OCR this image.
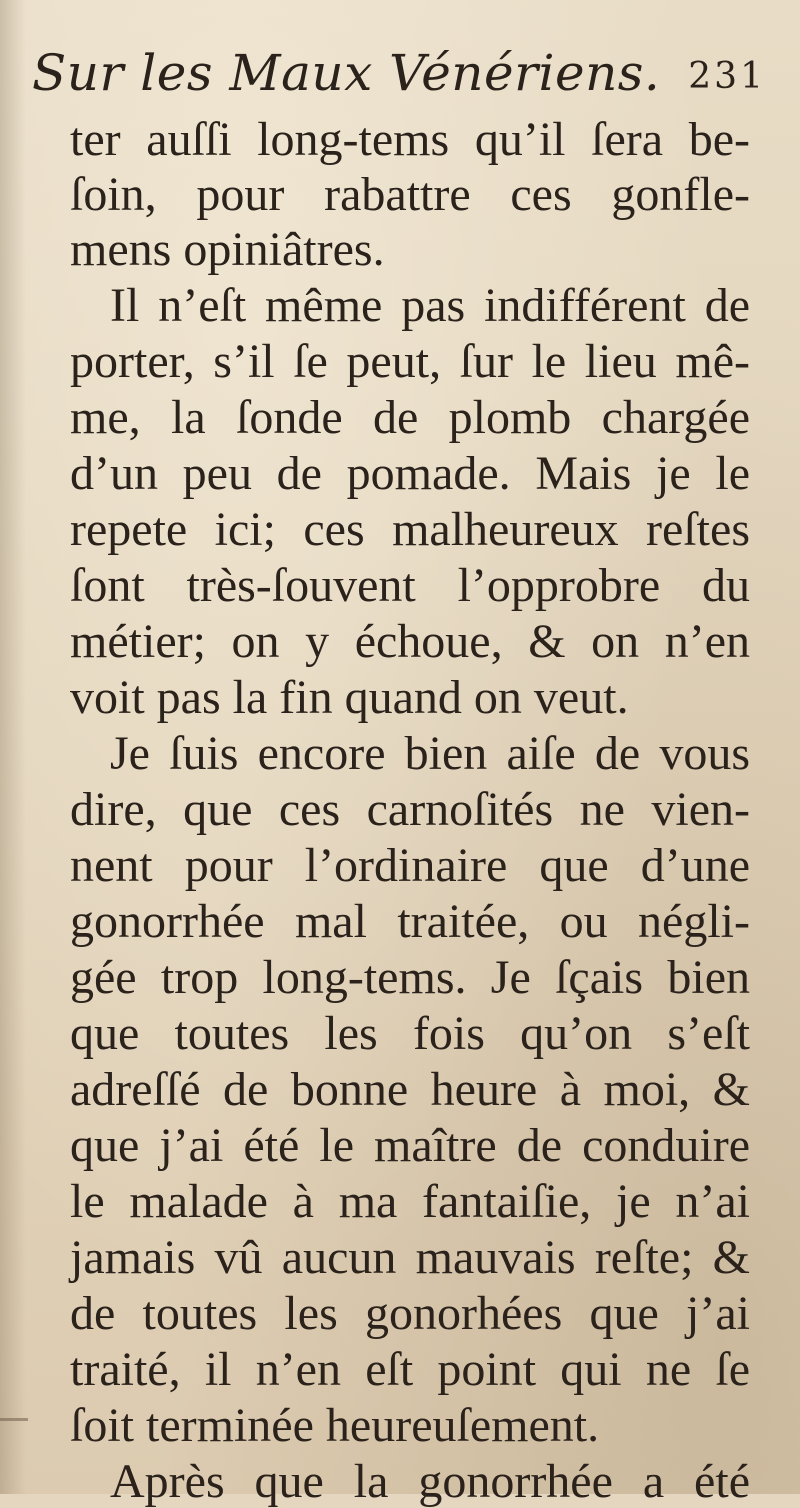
Sur les Maux Vénériens. 231
ter auſſi long-tems qu’il ſera be-
ſoin, pour rabattre ces gonfle-
mens opiniâtres.
Il n’eſt même pas indifférent de
porter, s’il ſe peut, ſur le lieu mê-
me, la ſonde de plomb chargée
d’un peu de pomade. Mais je le
repete ici; ces malheureux reſtes
ſont très-ſouvent l’opprobre du
métier; on y échoue, & on n’en
voit pas la fin quand on veut.
Je ſuis encore bien aiſe de vous
dire, que ces carnoſités ne vien-
nent pour l’ordinaire que d’une
gonorrhée mal traitée, ou négli-
gée trop long-tems. Je ſçais bien
que toutes les fois qu’on s’eſt
adreſſé de bonne heure à moi, &
que j’ai été le maître de conduire
le malade à ma fantaiſie, je n’ai
jamais vû aucun mauvais reſte; &
de toutes les gonorhées que j’ai
traité, il n’en eſt point qui ne ſe
ſoit terminée heureuſement.
Après que la gonorrhée a été
